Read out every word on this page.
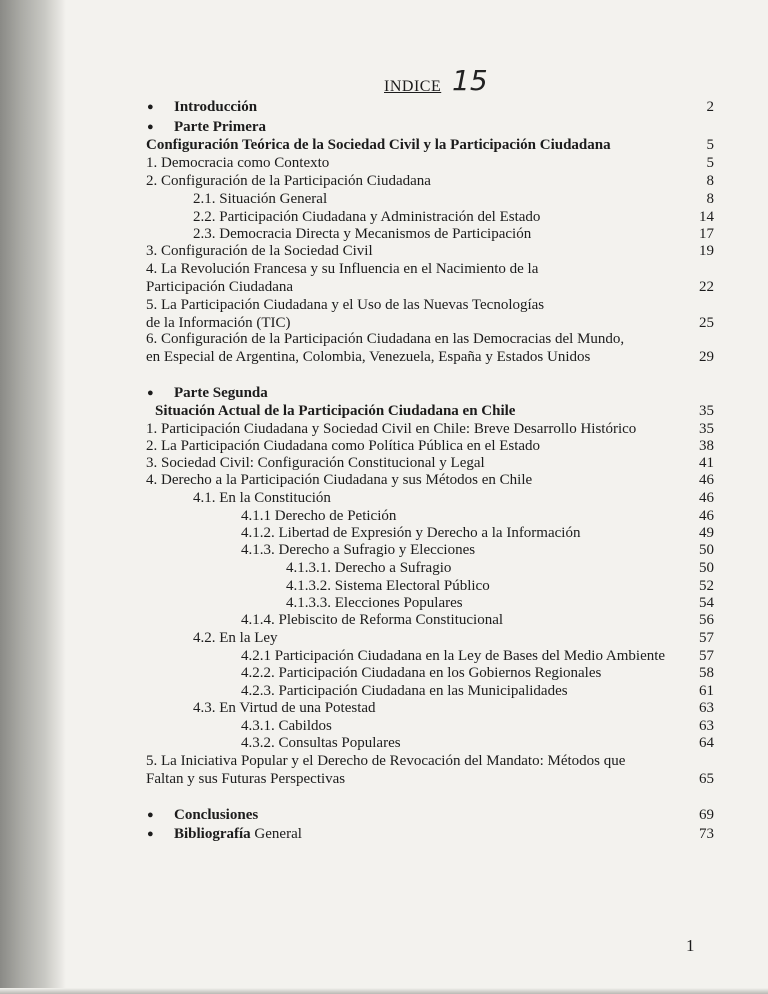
INDICE 15
● Introducción	2
● Parte Primera
Configuración Teórica de la Sociedad Civil y la Participación Ciudadana	5
1. Democracia como Contexto	5
2. Configuración de la Participación Ciudadana	8
2.1. Situación General	8
2.2. Participación Ciudadana y Administración del Estado	14
2.3. Democracia Directa y Mecanismos de Participación	17
3. Configuración de la Sociedad Civil	19
4. La Revolución Francesa y su Influencia en el Nacimiento de la
Participación Ciudadana	22
5. La Participación Ciudadana y el Uso de las Nuevas Tecnologías
de la Información (TIC)	25
6. Configuración de la Participación Ciudadana en las Democracias del Mundo,
en Especial de Argentina, Colombia, Venezuela, España y Estados Unidos	29
● Parte Segunda
Situación Actual de la Participación Ciudadana en Chile	35
1. Participación Ciudadana y Sociedad Civil en Chile: Breve Desarrollo Histórico	35
2. La Participación Ciudadana como Política Pública en el Estado	38
3. Sociedad Civil: Configuración Constitucional y Legal	41
4. Derecho a la Participación Ciudadana y sus Métodos en Chile	46
4.1. En la Constitución	46
4.1.1 Derecho de Petición	46
4.1.2. Libertad de Expresión y Derecho a la Información	49
4.1.3. Derecho a Sufragio y Elecciones	50
4.1.3.1. Derecho a Sufragio	50
4.1.3.2. Sistema Electoral Público	52
4.1.3.3. Elecciones Populares	54
4.1.4. Plebiscito de Reforma Constitucional	56
4.2. En la Ley	57
4.2.1 Participación Ciudadana en la Ley de Bases del Medio Ambiente	57
4.2.2. Participación Ciudadana en los Gobiernos Regionales	58
4.2.3. Participación Ciudadana en las Municipalidades	61
4.3. En Virtud de una Potestad	63
4.3.1. Cabildos	63
4.3.2. Consultas Populares	64
5. La Iniciativa Popular y el Derecho de Revocación del Mandato: Métodos que
Faltan y sus Futuras Perspectivas	65
● Conclusiones	69
● Bibliografía General	73
1
